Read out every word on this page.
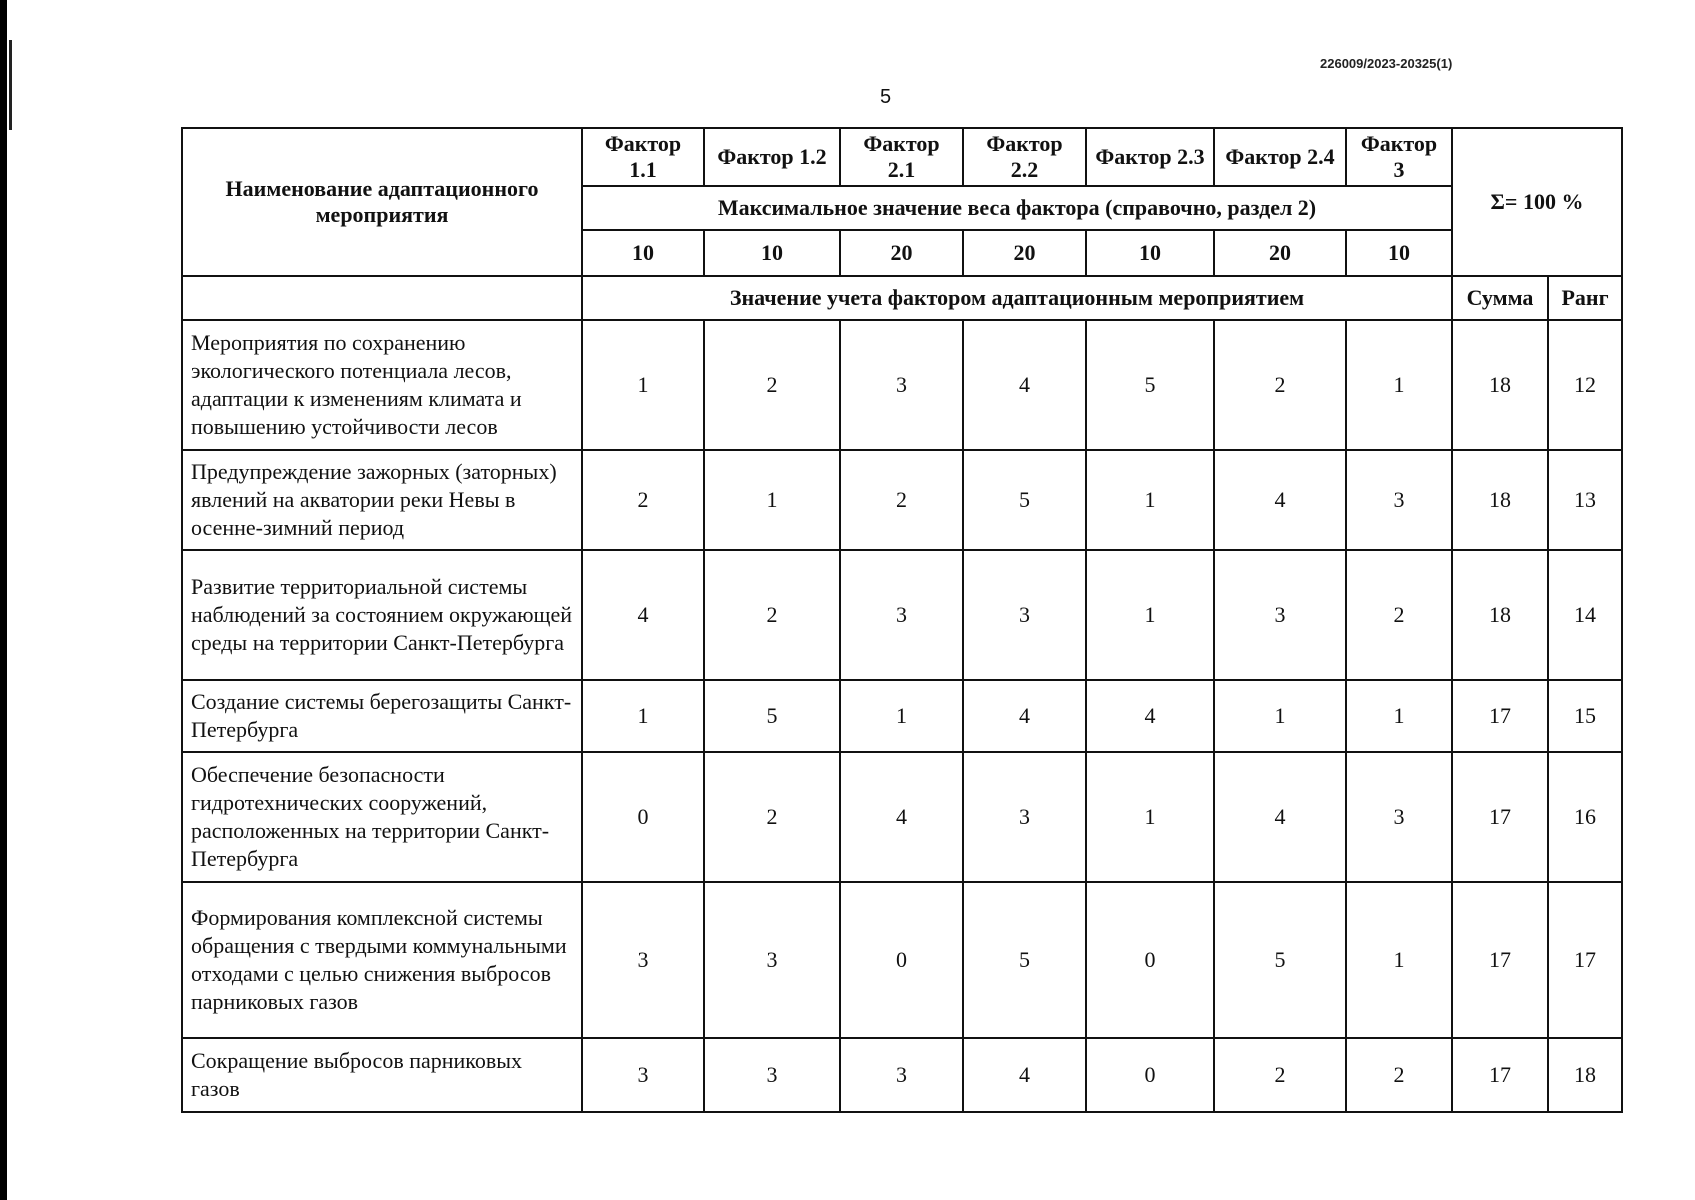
226009/2023-20325(1)
5
Наименование адаптационного мероприятия	Фактор 1.1	Фактор 1.2	Фактор 2.1	Фактор 2.2	Фактор 2.3	Фактор 2.4	Фактор 3	Σ= 100 %	
	Максимальное значение веса фактора (справочно, раздел 2)								
	10	10	20	20	10	20	10		
	Значение учета фактором адаптационным мероприятием							Сумма	Ранг
Мероприятия по сохранению экологического потенциала лесов, адаптации к изменениям климата и повышению устойчивости лесов	1	2	3	4	5	2	1	18	12
Предупреждение зажорных (заторных) явлений на акватории реки Невы в осенне-зимний период	2	1	2	5	1	4	3	18	13
Развитие территориальной системы наблюдений за состоянием окружающей среды на территории Санкт-Петербурга	4	2	3	3	1	3	2	18	14
Создание системы берегозащиты Санкт-Петербурга	1	5	1	4	4	1	1	17	15
Обеспечение безопасности гидротехнических сооружений, расположенных на территории Санкт-Петербурга	0	2	4	3	1	4	3	17	16
Формирования комплексной системы обращения с твердыми коммунальными отходами с целью снижения выбросов парниковых газов	3	3	0	5	0	5	1	17	17
Сокращение выбросов парниковых газов	3	3	3	4	0	2	2	17	18
